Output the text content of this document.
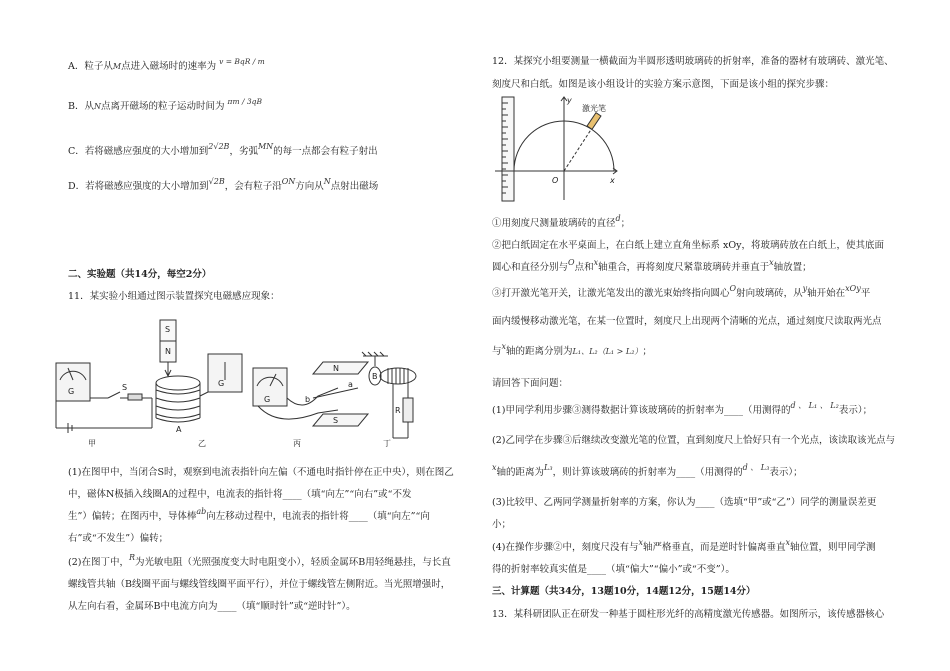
A．粒子从M点进入磁场时的速率为 $^{v = BqR / m}$
B．从N点离开磁场的粒子运动时间为 $^{\pi m / 3qB}$
C．若将磁感应强度的大小增加到$^{2√2B}$，劣弧$^{MN}$的每一点都会有粒子射出
D．若将磁感应强度的大小增加到$^{√2B}$，会有粒子沿$^{ON}$方向从$^N$点射出磁场
二、实验题（共14分，每空2分）
11．某实验小组通过图示装置探究电磁感应现象：
G	S
S
N
A
G
G
N
S
a
b
B
R
甲	乙	丙	丁
(1)在图甲中，当闭合S时，观察到电流表指针向左偏（不通电时指针停在正中央），则在图乙
中，磁体N极插入线圈A的过程中，电流表的指针将____（填“向左”“向右”或“不发
生”）偏转；在图丙中，导体棒$^{ab}$向左移动过程中，电流表的指针将____（填“向左”“向
右”或“不发生”）偏转；
(2)在图丁中，$^R$为光敏电阻（光照强度变大时电阻变小），轻质金属环B用轻绳悬挂，与长直
螺线管共轴（B线圈平面与螺线管线圈平面平行），并位于螺线管左侧附近。当光照增强时，
从左向右看，金属环B中电流方向为____（填“顺时针”或“逆时针”）。
12．某探究小组要测量一横截面为半圆形透明玻璃砖的折射率，准备的器材有玻璃砖、激光笔、
刻度尺和白纸。如图是该小组设计的实验方案示意图，下面是该小组的探究步骤：
y
O	x
激光笔
①用刻度尺测量玻璃砖的直径$^d$；
②把白纸固定在水平桌面上，在白纸上建立直角坐标系 xOy，将玻璃砖放在白纸上，使其底面
圆心和直径分别与$^O$点和$^x$轴重合，再将刻度尺紧靠玻璃砖并垂直于$^x$轴放置；
③打开激光笔开关，让激光笔发出的激光束始终指向圆心$^O$射向玻璃砖，从$^y$轴开始在$^{xOy}$平
面内缓慢移动激光笔，在某一位置时，刻度尺上出现两个清晰的光点，通过刻度尺读取两光点
与$^x$轴的距离分别为L₁、L₂（L₁ > L₂）；
请回答下面问题：
(1)甲同学利用步骤③测得数据计算该玻璃砖的折射率为____（用测得的$^{d 、 L_1 、 L_2}$表示）；
(2)乙同学在步骤③后继续改变激光笔的位置，直到刻度尺上恰好只有一个光点，该读取该光点与
$^x$轴的距离为$^{L_3}$，则计算该玻璃砖的折射率为____（用测得的$^{d 、 L_3}$表示）；
(3)比较甲、乙两同学测量折射率的方案，你认为____（选填“甲”或“乙”）同学的测量误差更
小；
(4)在操作步骤②中，刻度尺没有与$^x$轴严格垂直，而是逆时针偏离垂直$^x$轴位置，则甲同学测
得的折射率较真实值是____（填“偏大”“偏小”或“不变”）。
三、计算题（共34分，13题10分，14题12分，15题14分）
13．某科研团队正在研发一种基于圆柱形光纤的高精度激光传感器。如图所示，该传感器核心
